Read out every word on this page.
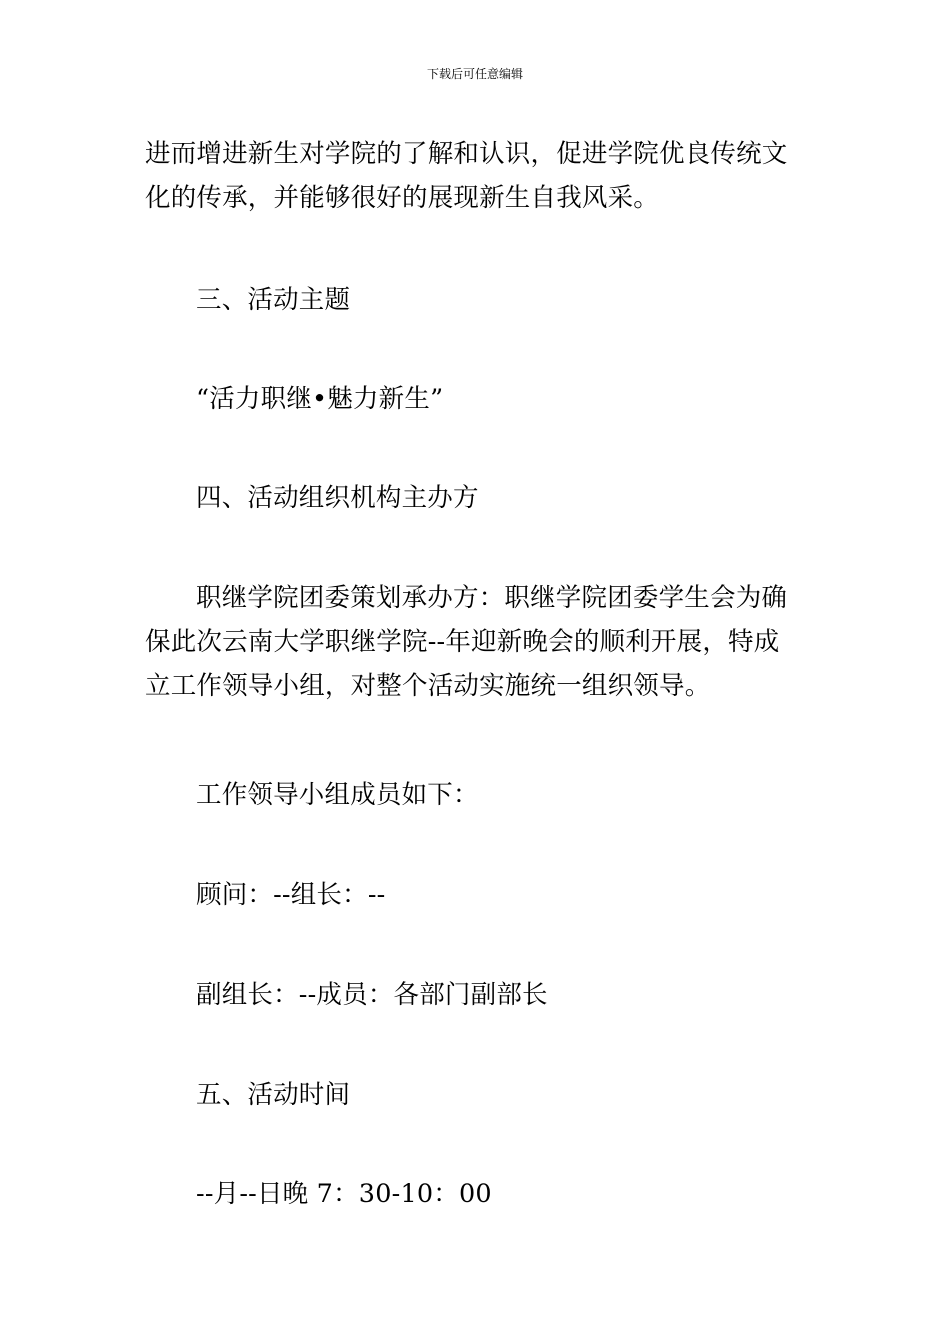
下载后可任意编辑

进而增进新生对学院的了解和认识，促进学院优良传统文

化的传承，并能够很好的展现新生自我风采。

三、活动主题

“活力职继•魅力新生”

四、活动组织机构主办方

职继学院团委策划承办方：职继学院团委学生会为确

保此次云南大学职继学院--年迎新晚会的顺利开展，特成

立工作领导小组，对整个活动实施统一组织领导。

工作领导小组成员如下：

顾问：--组长：--

副组长：--成员：各部门副部长

五、活动时间

--月--日晚 7：30-10：00
